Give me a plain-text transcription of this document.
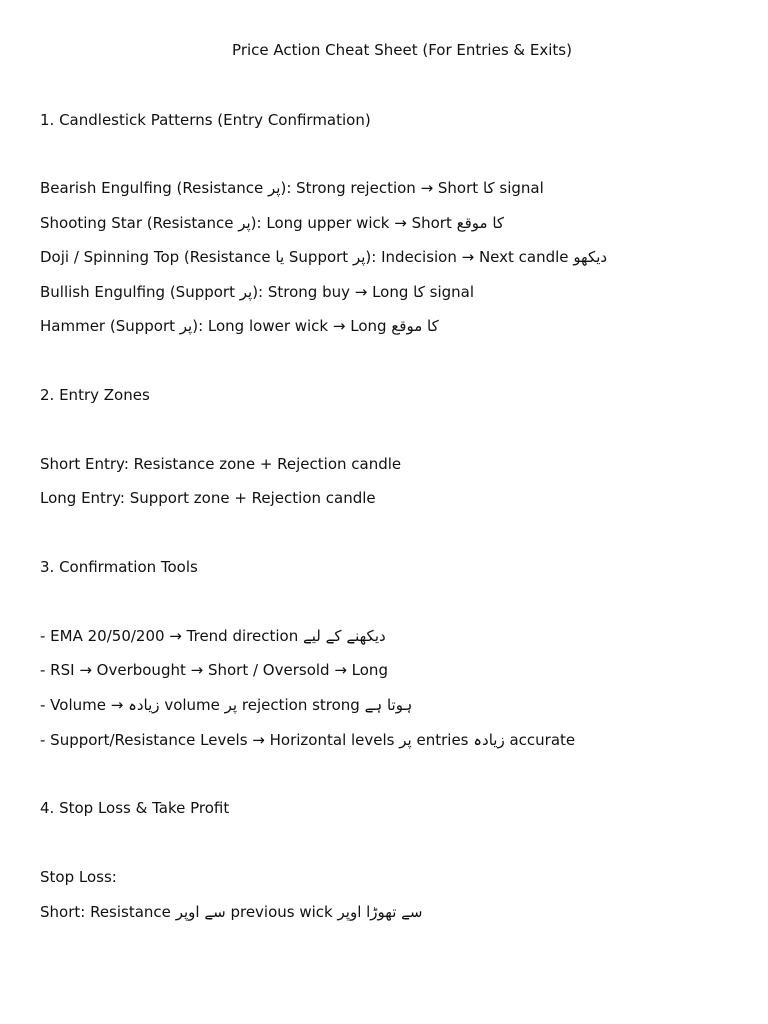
Price Action Cheat Sheet (For Entries & Exits)
1. Candlestick Patterns (Entry Confirmation)
Bearish Engulfing (Resistance پر): Strong rejection → Short کا signal
Shooting Star (Resistance پر): Long upper wick → Short کا موقع
Doji / Spinning Top (Resistance یا Support پر): Indecision → Next candle دیکھو
Bullish Engulfing (Support پر): Strong buy → Long کا signal
Hammer (Support پر): Long lower wick → Long کا موقع
2. Entry Zones
Short Entry: Resistance zone + Rejection candle
Long Entry: Support zone + Rejection candle
3. Confirmation Tools
- EMA 20/50/200 → Trend direction دیکھنے کے لیے
- RSI → Overbought → Short / Oversold → Long
- Volume → زیادہ volume پر rejection strong ہوتا ہے
- Support/Resistance Levels → Horizontal levels پر entries زیادہ accurate
4. Stop Loss & Take Profit
Stop Loss:
Short: Resistance سے اوپر previous wick سے تھوڑا اوپر
